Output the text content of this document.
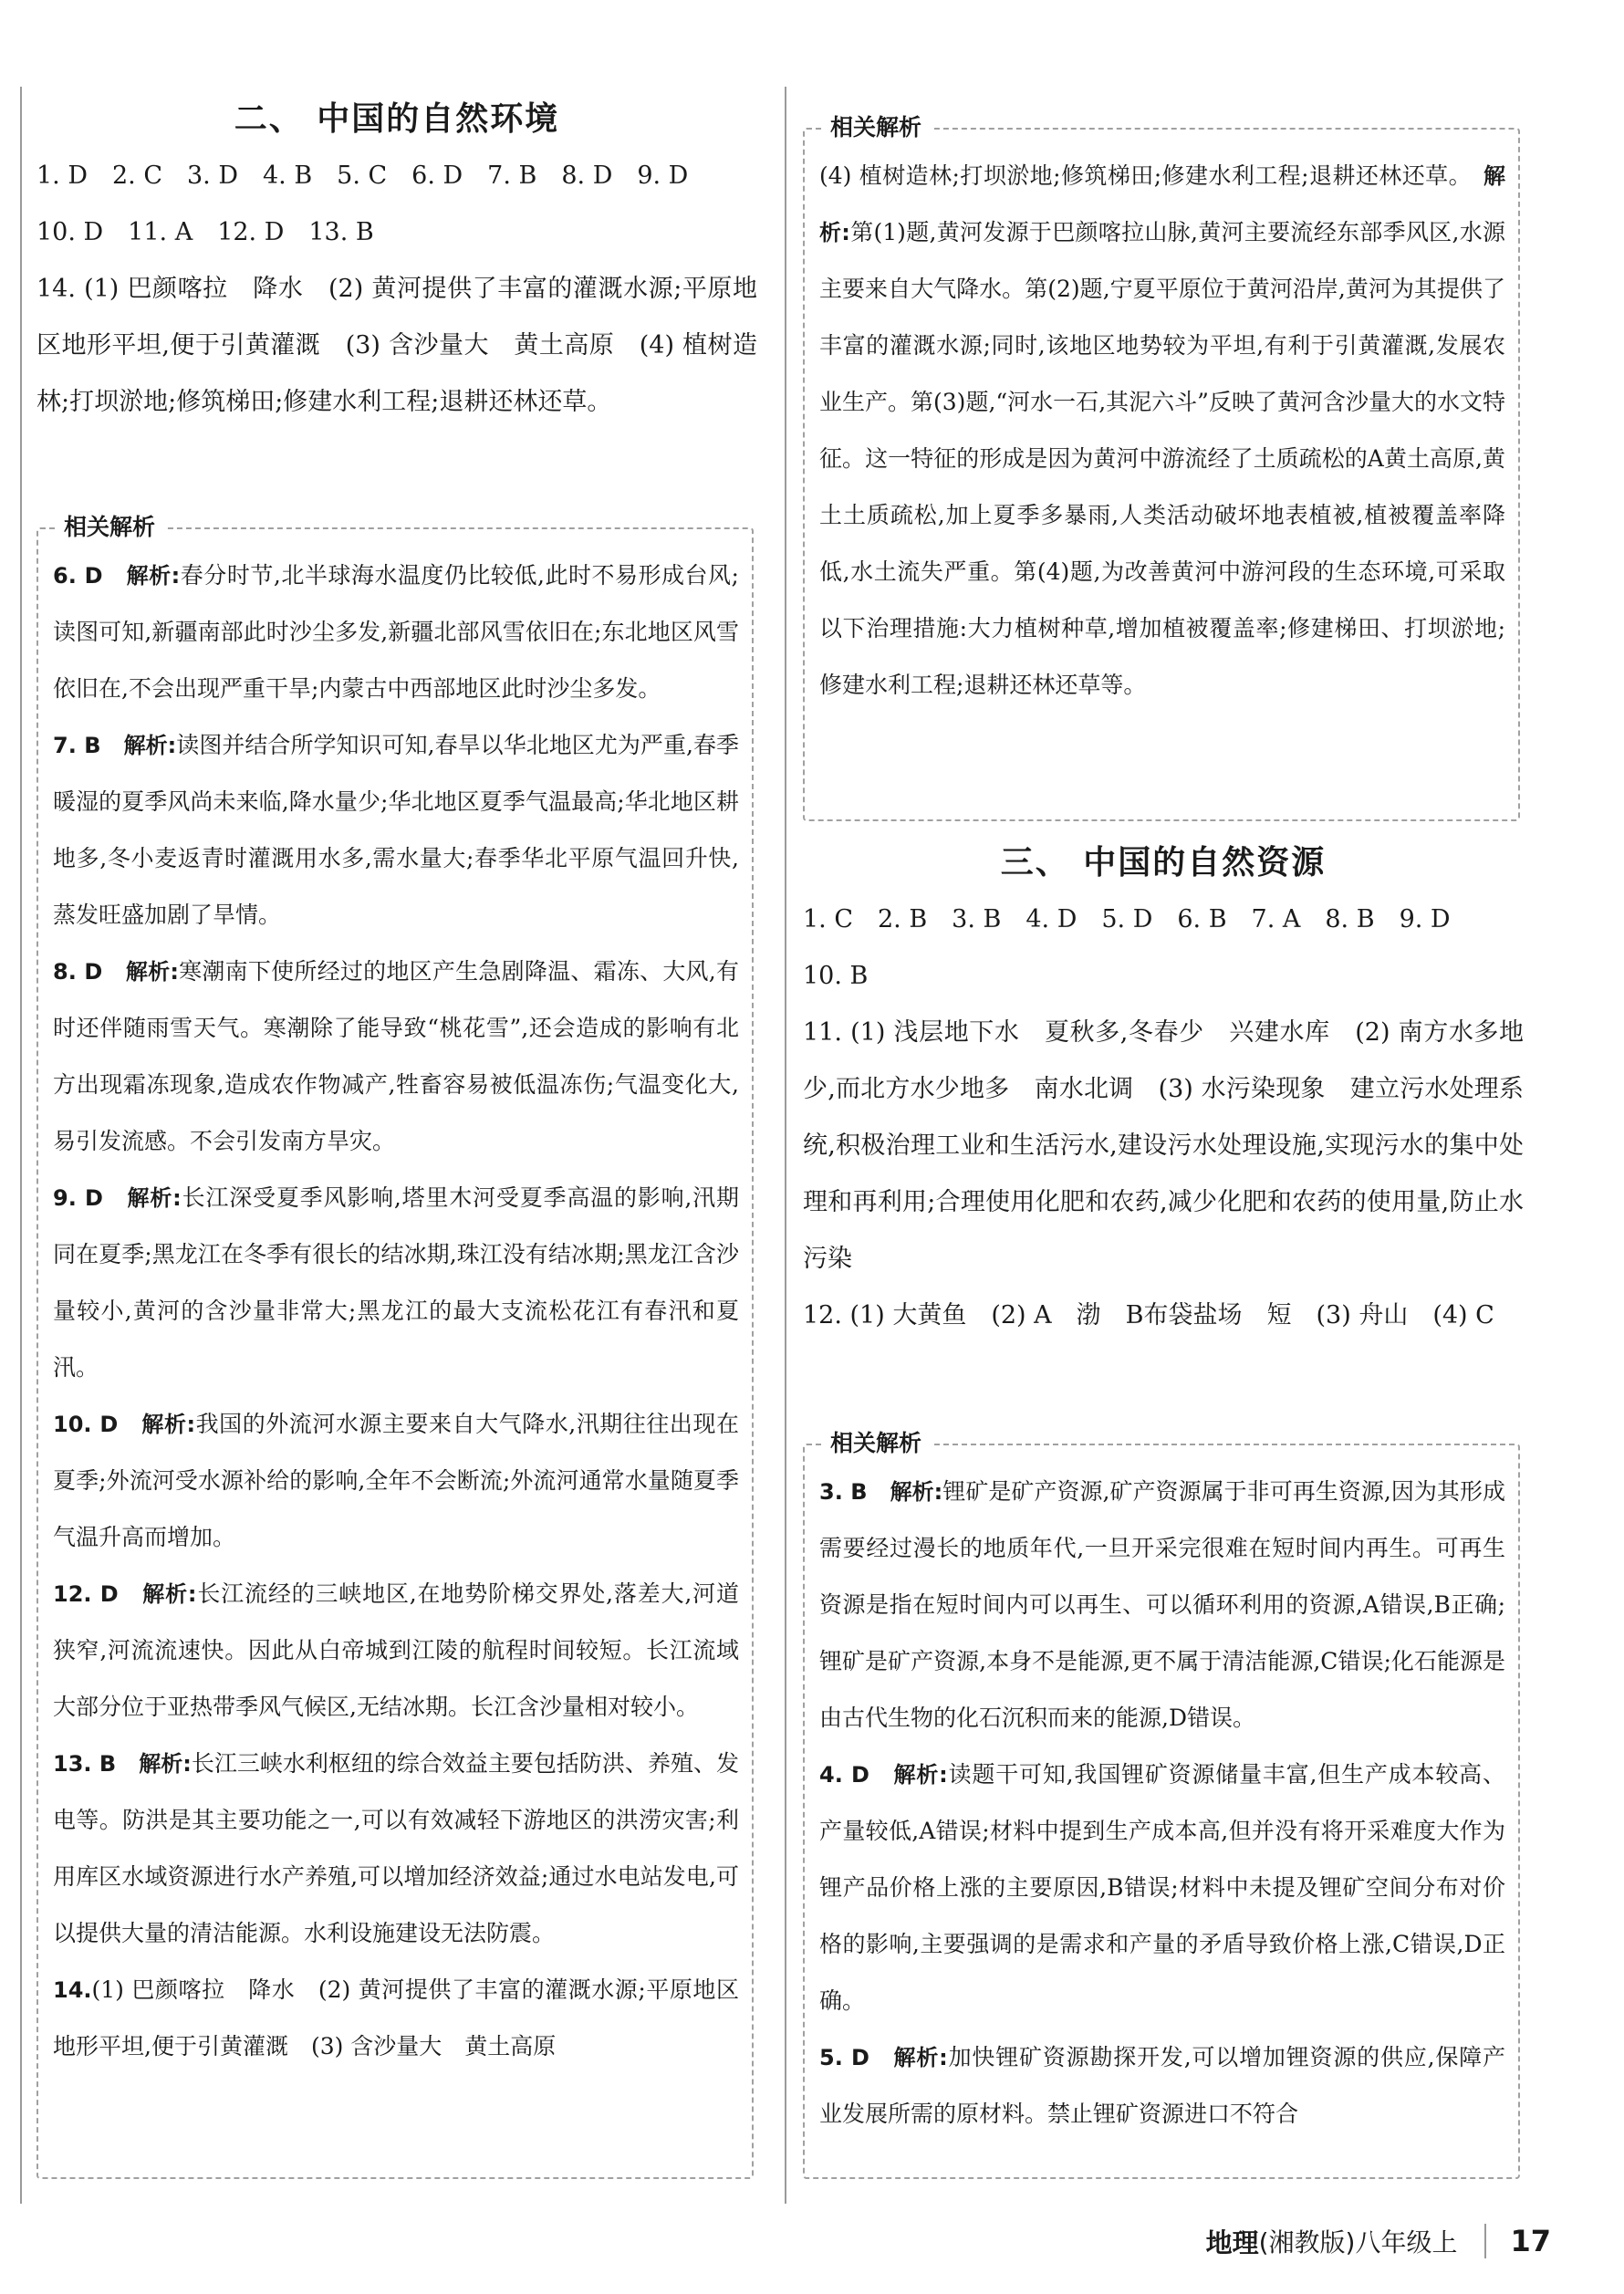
二、 中国的自然环境

1. D　2. C　3. D　4. B　5. C　6. D　7. B　8. D　9. D

10. D　11. A　12. D　13. B

14. (1) 巴颜喀拉　降水　(2) 黄河提供了丰富的灌溉水源;平原地区地形平坦,便于引黄灌溉　(3) 含沙量大　黄土高原　(4) 植树造林;打坝淤地;修筑梯田;修建水利工程;退耕还林还草。

相关解析

6. D　 解析:春分时节,北半球海水温度仍比较低,此时不易形成台风;读图可知,新疆南部此时沙尘多发,新疆北部风雪依旧在;东北地区风雪依旧在,不会出现严重干旱;内蒙古中西部地区此时沙尘多发。

7. B　 解析:读图并结合所学知识可知,春旱以华北地区尤为严重,春季暖湿的夏季风尚未来临,降水量少;华北地区夏季气温最高;华北地区耕地多,冬小麦返青时灌溉用水多,需水量大;春季华北平原气温回升快,蒸发旺盛加剧了旱情。

8. D　 解析:寒潮南下使所经过的地区产生急剧降温、霜冻、大风,有时还伴随雨雪天气。寒潮除了能导致“桃花雪”,还会造成的影响有北方出现霜冻现象,造成农作物减产,牲畜容易被低温冻伤;气温变化大,易引发流感。不会引发南方旱灾。

9. D　 解析:长江深受夏季风影响,塔里木河受夏季高温的影响,汛期同在夏季;黑龙江在冬季有很长的结冰期,珠江没有结冰期;黑龙江含沙量较小,黄河的含沙量非常大;黑龙江的最大支流松花江有春汛和夏汛。

10. D　 解析:我国的外流河水源主要来自大气降水,汛期往往出现在夏季;外流河受水源补给的影响,全年不会断流;外流河通常水量随夏季气温升高而增加。

12. D　 解析:长江流经的三峡地区,在地势阶梯交界处,落差大,河道狭窄,河流流速快。因此从白帝城到江陵的航程时间较短。长江流域大部分位于亚热带季风气候区,无结冰期。长江含沙量相对较小。

13. B　 解析:长江三峡水利枢纽的综合效益主要包括防洪、养殖、发电等。防洪是其主要功能之一,可以有效减轻下游地区的洪涝灾害;利用库区水域资源进行水产养殖,可以增加经济效益;通过水电站发电,可以提供大量的清洁能源。水利设施建设无法防震。

14.(1) 巴颜喀拉　降水　(2) 黄河提供了丰富的灌溉水源;平原地区地形平坦,便于引黄灌溉　(3) 含沙量大　黄土高原

相关解析

(4) 植树造林;打坝淤地;修筑梯田;修建水利工程;退耕还林还草。　 解析:第(1)题,黄河发源于巴颜喀拉山脉,黄河主要流经东部季风区,水源主要来自大气降水。第(2)题,宁夏平原位于黄河沿岸,黄河为其提供了丰富的灌溉水源;同时,该地区地势较为平坦,有利于引黄灌溉,发展农业生产。第(3)题,“河水一石,其泥六斗”反映了黄河含沙量大的水文特征。这一特征的形成是因为黄河中游流经了土质疏松的A黄土高原,黄土土质疏松,加上夏季多暴雨,人类活动破坏地表植被,植被覆盖率降低,水土流失严重。第(4)题,为改善黄河中游河段的生态环境,可采取以下治理措施:大力植树种草,增加植被覆盖率;修建梯田、打坝淤地;修建水利工程;退耕还林还草等。

三、 中国的自然资源

1. C　2. B　3. B　4. D　5. D　6. B　7. A　8. B　9. D

10. B

11. (1) 浅层地下水　夏秋多,冬春少　兴建水库　(2) 南方水多地少,而北方水少地多　南水北调　(3) 水污染现象　建立污水处理系统,积极治理工业和生活污水,建设污水处理设施,实现污水的集中处理和再利用;合理使用化肥和农药,减少化肥和农药的使用量,防止水污染

12. (1) 大黄鱼　(2) A　渤　B布袋盐场　短　(3) 舟山　(4) C

相关解析

3. B　 解析:锂矿是矿产资源,矿产资源属于非可再生资源,因为其形成需要经过漫长的地质年代,一旦开采完很难在短时间内再生。可再生资源是指在短时间内可以再生、可以循环利用的资源,A错误,B正确;锂矿是矿产资源,本身不是能源,更不属于清洁能源,C错误;化石能源是由古代生物的化石沉积而来的能源,D错误。

4. D　 解析:读题干可知,我国锂矿资源储量丰富,但生产成本较高、产量较低,A错误;材料中提到生产成本高,但并没有将开采难度大作为锂产品价格上涨的主要原因,B错误;材料中未提及锂矿空间分布对价格的影响,主要强调的是需求和产量的矛盾导致价格上涨,C错误,D正确。

5. D　 解析:加快锂矿资源勘探开发,可以增加锂资源的供应,保障产业发展所需的原材料。禁止锂矿资源进口不符合

地理 (湘教版)八年级上 17
